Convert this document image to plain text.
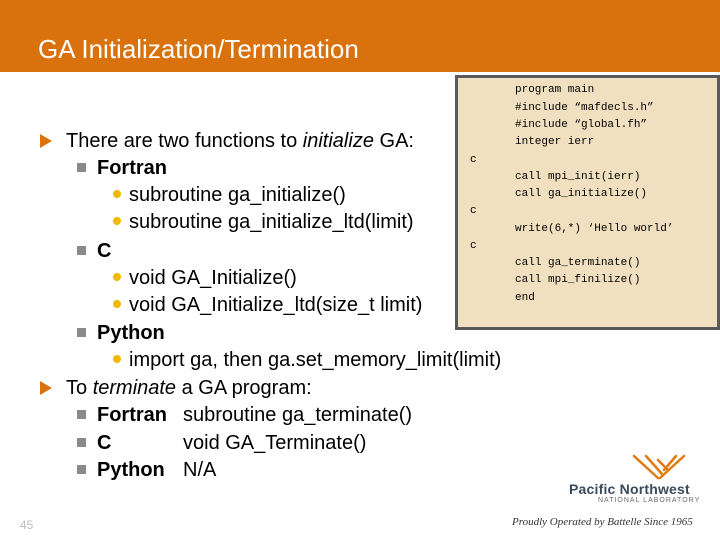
GA Initialization/Termination
program main
#include “mafdecls.h”
#include “global.fh”
integer ierr
c
call mpi_init(ierr)
call ga_initialize()
c
write(6,*) ‘Hello world’
c
call ga_terminate()
call mpi_finilize()
end
There are two functions to initialize GA:
Fortran
subroutine ga_initialize()
subroutine ga_initialize_ltd(limit)
C
void GA_Initialize()
void GA_Initialize_ltd(size_t limit)
Python
import ga, then ga.set_memory_limit(limit)
To terminate a GA program:
Fortran subroutine ga_terminate()
C	void GA_Terminate()
Python N/A
45
Pacific Northwest
NATIONAL LABORATORY
Proudly Operated by Battelle Since 1965
